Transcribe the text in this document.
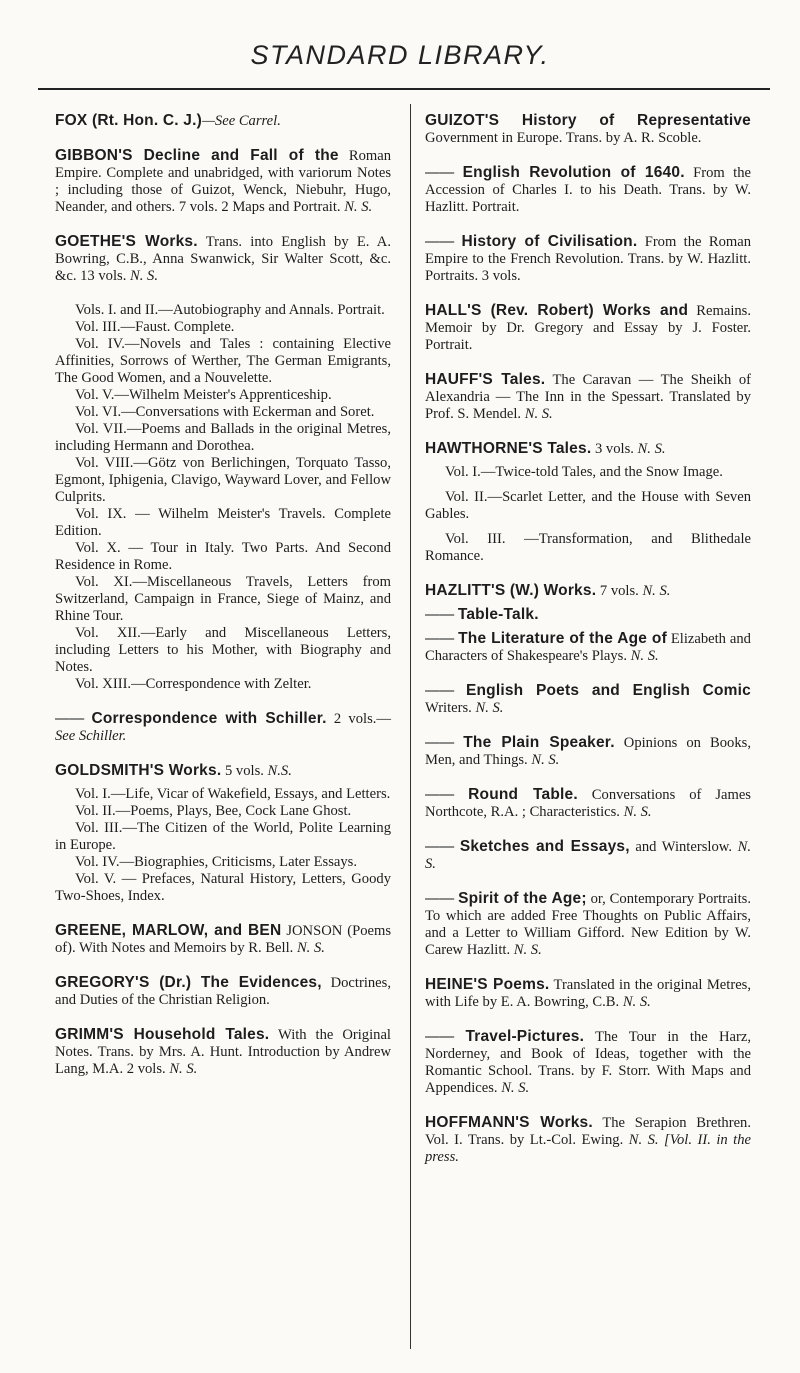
STANDARD LIBRARY.

FOX (Rt. Hon. C. J.)—See Carrel.

GIBBON'S Decline and Fall of the Roman Empire. Complete and unabridged, with variorum Notes ; including those of Guizot, Wenck, Niebuhr, Hugo, Neander, and others. 7 vols. 2 Maps and Portrait. N. S.

GOETHE'S Works. Trans. into English by E. A. Bowring, C.B., Anna Swanwick, Sir Walter Scott, &c. &c. 13 vols. N. S.

Vols. I. and II.—Autobiography and Annals. Portrait.

Vol. III.—Faust. Complete.

Vol. IV.—Novels and Tales : containing Elective Affinities, Sorrows of Werther, The German Emigrants, The Good Women, and a Nouvelette.

Vol. V.—Wilhelm Meister's Apprenticeship.

Vol. VI.—Conversations with Eckerman and Soret.

Vol. VII.—Poems and Ballads in the original Metres, including Hermann and Dorothea.

Vol. VIII.—Götz von Berlichingen, Torquato Tasso, Egmont, Iphigenia, Clavigo, Wayward Lover, and Fellow Culprits.

Vol. IX. — Wilhelm Meister's Travels. Complete Edition.

Vol. X. — Tour in Italy. Two Parts. And Second Residence in Rome.

Vol. XI.—Miscellaneous Travels, Letters from Switzerland, Campaign in France, Siege of Mainz, and Rhine Tour.

Vol. XII.—Early and Miscellaneous Letters, including Letters to his Mother, with Biography and Notes.

Vol. XIII.—Correspondence with Zelter.

—— Correspondence with Schiller. 2 vols.—See Schiller.

GOLDSMITH'S Works. 5 vols. N.S.

Vol. I.—Life, Vicar of Wakefield, Essays, and Letters.

Vol. II.—Poems, Plays, Bee, Cock Lane Ghost.

Vol. III.—The Citizen of the World, Polite Learning in Europe.

Vol. IV.—Biographies, Criticisms, Later Essays.

Vol. V. — Prefaces, Natural History, Letters, Goody Two-Shoes, Index.

GREENE, MARLOW, and BEN JONSON (Poems of). With Notes and Memoirs by R. Bell. N. S.

GREGORY'S (Dr.) The Evidences, Doctrines, and Duties of the Christian Religion.

GRIMM'S Household Tales. With the Original Notes. Trans. by Mrs. A. Hunt. Introduction by Andrew Lang, M.A. 2 vols. N. S.

GUIZOT'S History of Representative Government in Europe. Trans. by A. R. Scoble.

—— English Revolution of 1640. From the Accession of Charles I. to his Death. Trans. by W. Hazlitt. Portrait.

—— History of Civilisation. From the Roman Empire to the French Revolution. Trans. by W. Hazlitt. Portraits. 3 vols.

HALL'S (Rev. Robert) Works and Remains. Memoir by Dr. Gregory and Essay by J. Foster. Portrait.

HAUFF'S Tales. The Caravan — The Sheikh of Alexandria — The Inn in the Spessart. Translated by Prof. S. Mendel. N. S.

HAWTHORNE'S Tales. 3 vols. N. S.

Vol. I.—Twice-told Tales, and the Snow Image.

Vol. II.—Scarlet Letter, and the House with Seven Gables.

Vol. III. —Transformation, and Blithedale Romance.

HAZLITT'S (W.) Works. 7 vols. N. S.

—— Table-Talk.

—— The Literature of the Age of Elizabeth and Characters of Shakespeare's Plays. N. S.

—— English Poets and English Comic Writers. N. S.

—— The Plain Speaker. Opinions on Books, Men, and Things. N. S.

—— Round Table. Conversations of James Northcote, R.A. ; Characteristics. N. S.

—— Sketches and Essays, and Winterslow. N. S.

—— Spirit of the Age; or, Contemporary Portraits. To which are added Free Thoughts on Public Affairs, and a Letter to William Gifford. New Edition by W. Carew Hazlitt. N. S.

HEINE'S Poems. Translated in the original Metres, with Life by E. A. Bowring, C.B. N. S.

—— Travel-Pictures. The Tour in the Harz, Norderney, and Book of Ideas, together with the Romantic School. Trans. by F. Storr. With Maps and Appendices. N. S.

HOFFMANN'S Works. The Serapion Brethren. Vol. I. Trans. by Lt.-Col. Ewing. N. S. [Vol. II. in the press.
